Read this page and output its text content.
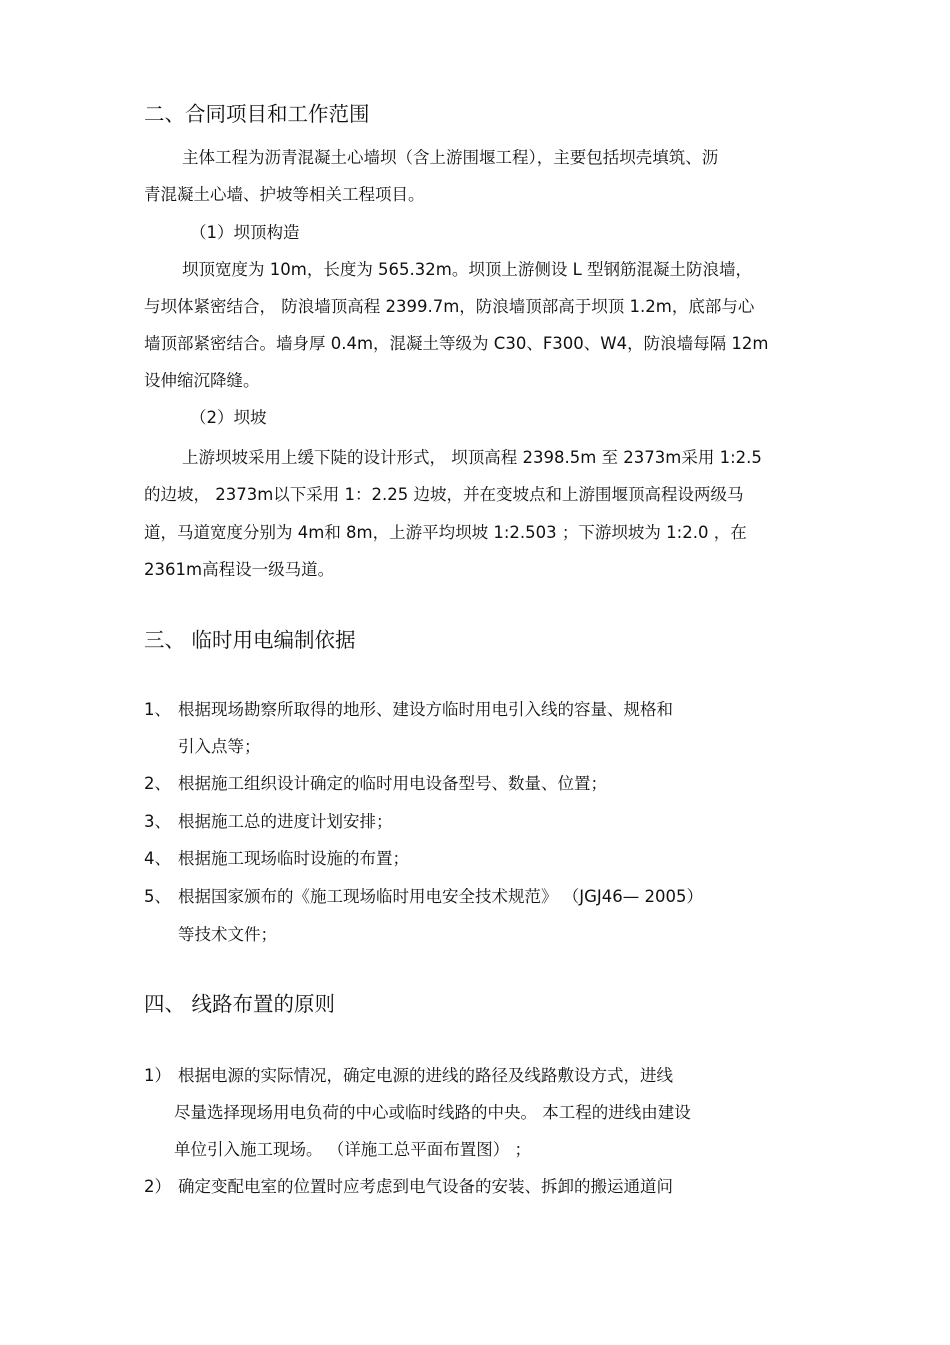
二、合同项目和工作范围
主体工程为沥青混凝土心墙坝（含上游围堰工程），主要包括坝壳填筑、沥
青混凝土心墙、护坡等相关工程项目。
（1）坝顶构造
坝顶宽度为 10m，长度为 565.32m。坝顶上游侧设 L 型钢筋混凝土防浪墙，
与坝体紧密结合， 防浪墙顶高程 2399.7m，防浪墙顶部高于坝顶 1.2m，底部与心
墙顶部紧密结合。墙身厚 0.4m，混凝土等级为 C30、F300、W4，防浪墙每隔 12m
设伸缩沉降缝。
（2）坝坡
上游坝坡采用上缓下陡的设计形式， 坝顶高程 2398.5m 至 2373m采用 1:2.5
的边坡， 2373m以下采用 1：2.25 边坡，并在变坡点和上游围堰顶高程设两级马
道，马道宽度分别为 4m和 8m，上游平均坝坡 1:2.503 ；下游坝坡为 1:2.0 ，在
2361m高程设一级马道。
三、 临时用电编制依据
1、 根据现场勘察所取得的地形、建设方临时用电引入线的容量、规格和
引入点等；
2、 根据施工组织设计确定的临时用电设备型号、数量、位置；
3、 根据施工总的进度计划安排；
4、 根据施工现场临时设施的布置；
5、 根据国家颁布的《施工现场临时用电安全技术规范》 （JGJ46— 2005）
等技术文件；
四、 线路布置的原则
1） 根据电源的实际情况，确定电源的进线的路径及线路敷设方式，进线
尽量选择现场用电负荷的中心或临时线路的中央。 本工程的进线由建设
单位引入施工现场。 （详施工总平面布置图） ；
2） 确定变配电室的位置时应考虑到电气设备的安装、拆卸的搬运通道问
